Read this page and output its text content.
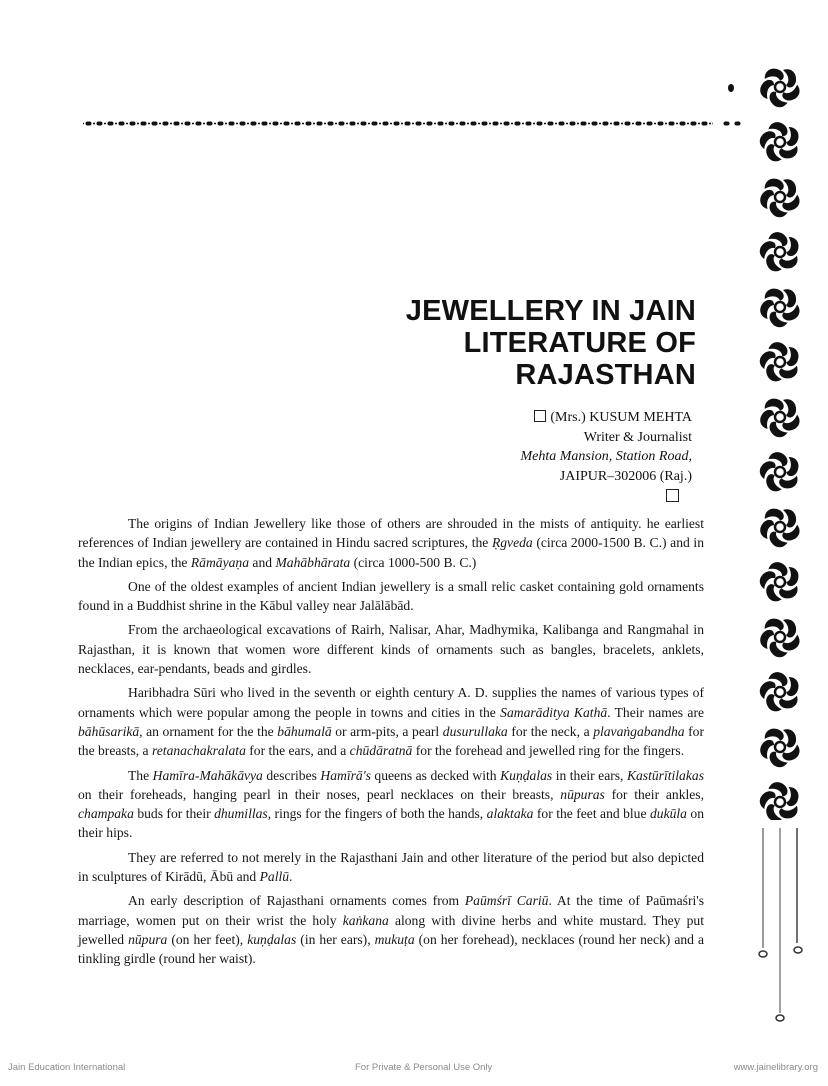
JEWELLERY IN JAIN
LITERATURE OF
RAJASTHAN
(Mrs.) KUSUM MEHTA
Writer & Journalist
Mehta Mansion, Station Road,
JAIPUR–302006 (Raj.)

The origins of Indian Jewellery like those of others are shrouded in the mists of antiquity. he earliest references of Indian jewellery are contained in Hindu sacred scriptures, the Ṛgveda (circa 2000-1500 B. C.) and in the Indian epics, the Rāmāyaṇa and Mahābhārata (circa 1000-500 B. C.)

One of the oldest examples of ancient Indian jewellery is a small relic casket containing gold ornaments found in a Buddhist shrine in the Kābul valley near Jalālābād.

From the archaeological excavations of Rairh, Nalisar, Ahar, Madhymika, Kalibanga and Rangmahal in Rajasthan, it is known that women wore different kinds of ornaments such as bangles, bracelets, anklets, necklaces, ear-pendants, beads and girdles.

Haribhadra Sūri who lived in the seventh or eighth century A. D. supplies the names of various types of ornaments which were popular among the people in towns and cities in the Samarāditya Kathā. Their names are bāhūsarikā, an ornament for the the bāhumalā or arm-pits, a pearl dusurullaka for the neck, a plavaṅgabandha for the breasts, a retanachakralata for the ears, and a chūdāratnā for the forehead and jewelled ring for the fingers.

The Hamīra-Mahākāvya describes Hamīrā's queens as decked with Kuṇḍalas in their ears, Kastūrītilakas on their foreheads, hanging pearl in their noses, pearl necklaces on their breasts, nūpuras for their ankles, champaka buds for their dhumillas, rings for the fingers of both the hands, alaktaka for the feet and blue dukūla on their hips.

They are referred to not merely in the Rajasthani Jain and other literature of the period but also depicted in sculptures of Kirādū, Ābū and Pallū.

An early description of Rajasthani ornaments comes from Paūmśrī Cariū. At the time of Paūmaśri's marriage, women put on their wrist the holy kaṅkana along with divine herbs and white mustard. They put jewelled nūpura (on her feet), kuṇḍalas (in her ears), mukuṭa (on her forehead), necklaces (round her neck) and a tinkling girdle (round her waist).

Jain Education International	For Private & Personal Use Only	www.jainelibrary.org
